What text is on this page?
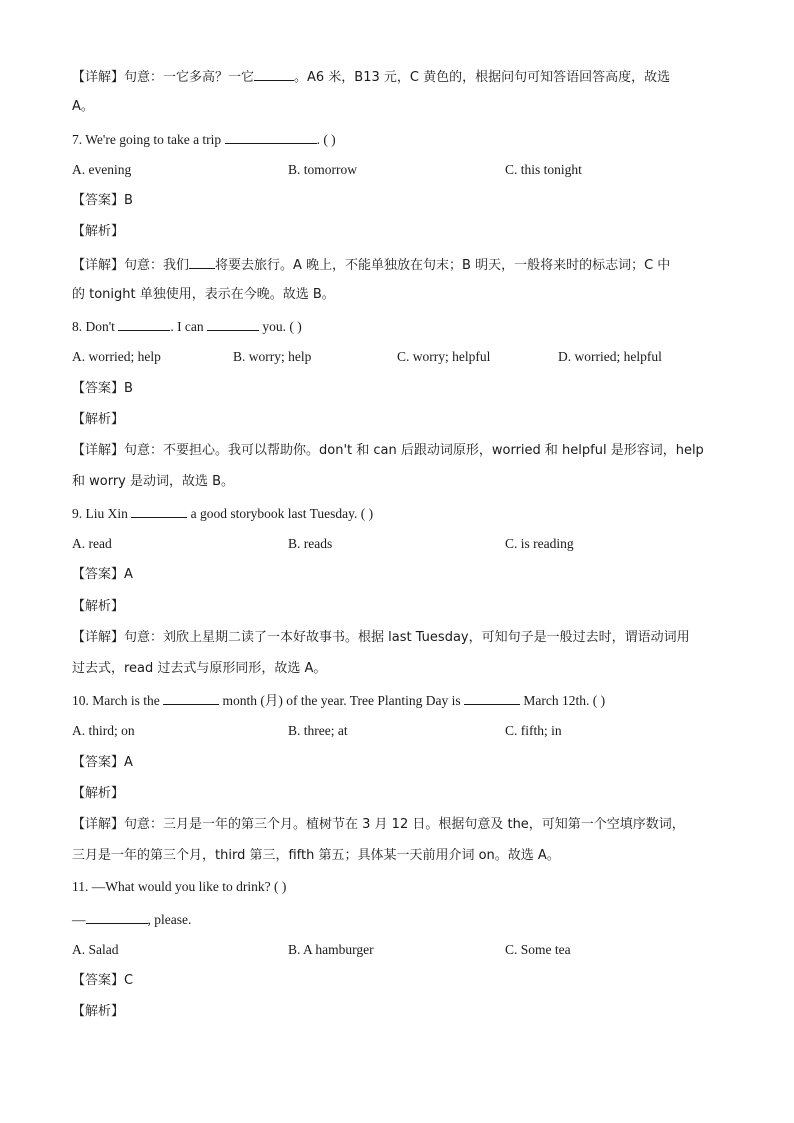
【详解】句意：一它多高？一它	。A6 米，B13 元，C 黄色的，根据问句可知答语回答高度，故选
A。
7. We're going to take a trip	. ( )
A. evening	B. tomorrow	C. this tonight
【答案】B
【解析】
【详解】句意：我们 将要去旅行。A 晚上，不能单独放在句末；B 明天，一般将来时的标志词；C 中
的 tonight 单独使用，表示在今晚。故选 B。
8. Don't	. I can	you. ( )
A. worried; help	B. worry; help	C. worry; helpful	D. worried; helpful
【答案】B
【解析】
【详解】句意：不要担心。我可以帮助你。don't 和 can 后跟动词原形，worried 和 helpful 是形容词，help
和 worry 是动词，故选 B。
9. Liu Xin	a good storybook last Tuesday. ( )
A. read	B. reads	C. is reading
【答案】A
【解析】
【详解】句意：刘欣上星期二读了一本好故事书。根据 last Tuesday，可知句子是一般过去时，谓语动词用
过去式，read 过去式与原形同形，故选 A。
10. March is the	month (月) of the year. Tree Planting Day is	March 12th. ( )
A. third; on	B. three; at	C. fifth; in
【答案】A
【解析】
【详解】句意：三月是一年的第三个月。植树节在 3 月 12 日。根据句意及 the，可知第一个空填序数词，
三月是一年的第三个月，third 第三，fifth 第五；具体某一天前用介词 on。故选 A。
11. —What would you like to drink? ( )
—	, please.
A. Salad	B. A hamburger	C. Some tea
【答案】C
【解析】
